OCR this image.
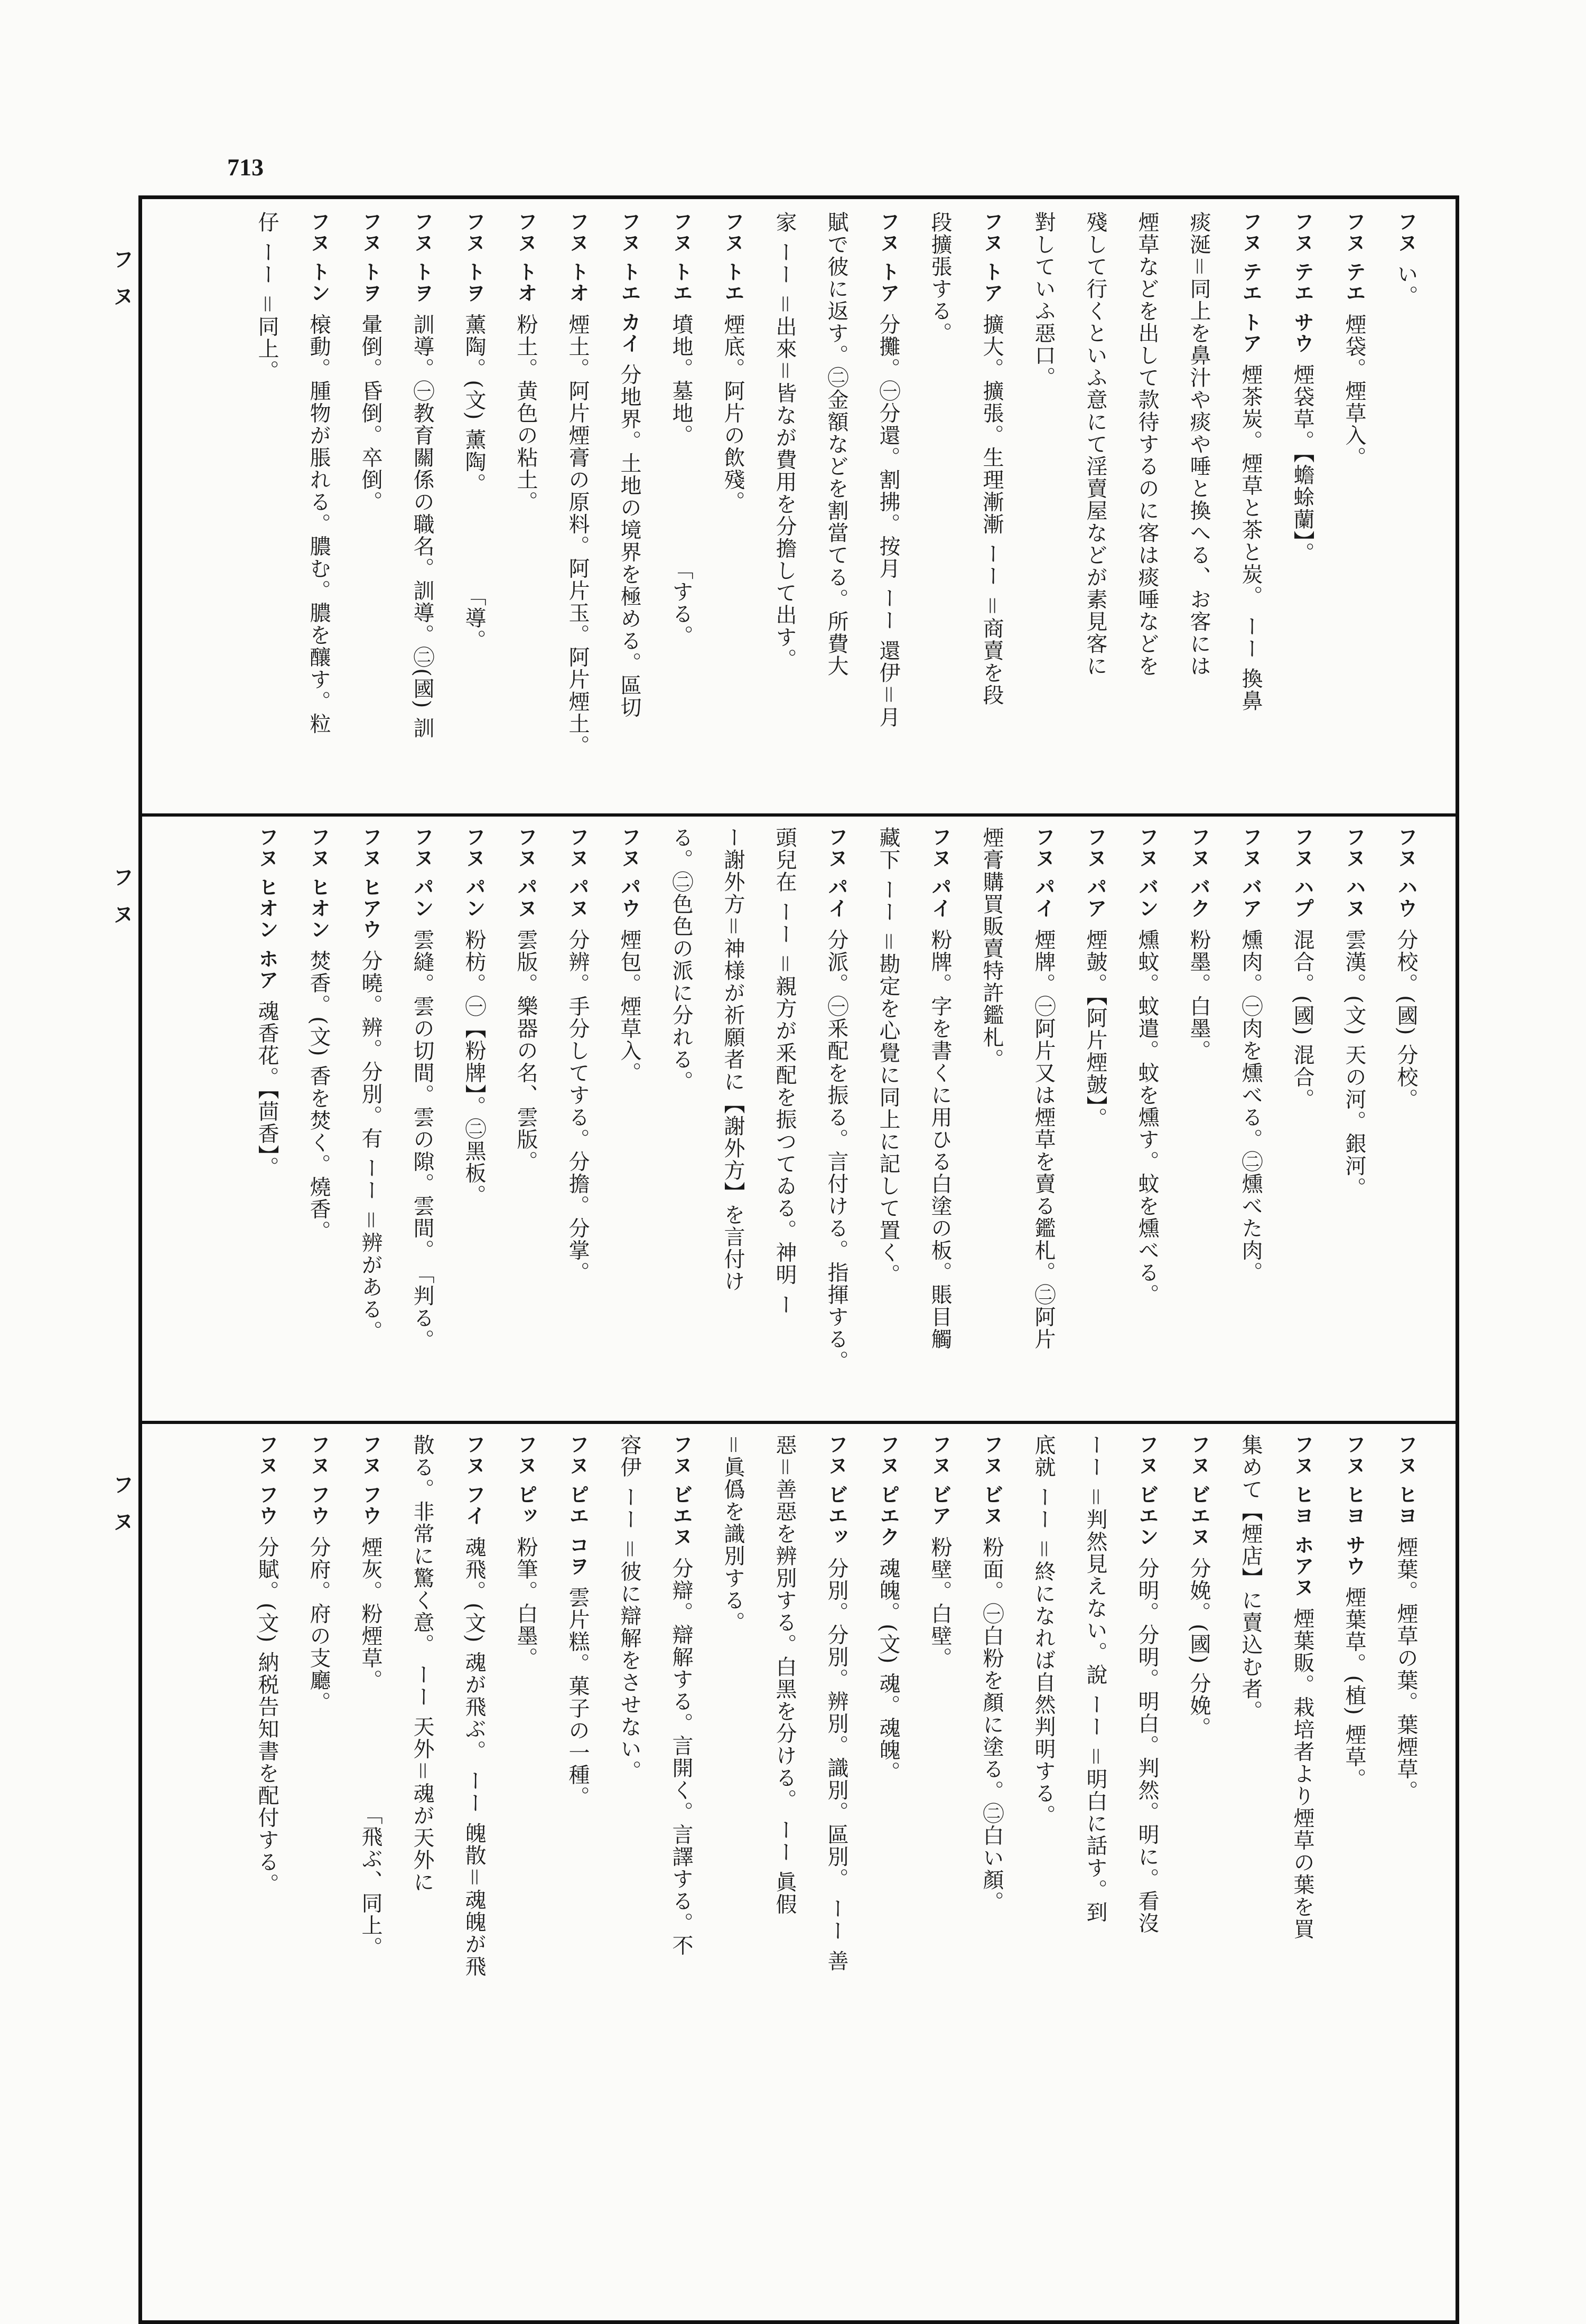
713
フヌ
フヌ
フヌ
フヌい。
フヌ テエ煙袋。煙草入。
フヌ テエ サウ煙袋草。【蟾蜍蘭】。
フヌ テエ トア煙茶炭。煙草と茶と炭。 ーー 換鼻
痰涎＝同上を鼻汁や痰や唾と換へる、お客には
煙草などを出して款待するのに客は痰唾などを
殘して行くといふ意にて淫賣屋などが素見客に
對していふ惡口。
フヌ トア擴大。擴張。生理漸漸 ーー ＝商賣を段
段擴張する。
フヌ トア分攤。㊀分還。割拂。按月 ーー 還伊＝月
賦で彼に返す。㊁金額などを割當てる。所費大
家 ーー ＝出來＝皆なが費用を分擔して出す。
フヌ トエ煙底。阿片の飲殘。
フヌ トエ墳地。墓地。　　　　　　「する。
フヌ トエ カイ分地界。土地の境界を極める。區切
フヌ トオ煙土。阿片煙膏の原料。阿片玉。阿片煙土。
フヌ トオ粉土。黄色の粘土。
フヌ トヲ薰陶。(文) 薰陶。　　　　　「導。
フヌ トヲ訓導。㊀教育關係の職名。訓導。㊁(國) 訓
フヌ トヲ暈倒。昏倒。卒倒。
フヌ トン榱動。腫物が脹れる。膿む。膿を釀す。粒
仔 ーー ＝同上。
フヌ ハウ分校。(國) 分校。
フヌ ハヌ雲漢。(文) 天の河。銀河。
フヌ ハプ混合。(國) 混合。
フヌ バア燻肉。㊀肉を燻べる。㊁燻べた肉。
フヌ バク粉墨。白墨。
フヌ バン燻蚊。蚊遣。蚊を燻す。蚊を燻べる。
フヌ パア煙皷。【阿片煙皷】。
フヌ パイ煙牌。㊀阿片又は煙草を賣る鑑札。㊁阿片
煙膏購買販賣特許鑑札。
フヌ パイ粉牌。字を書くに用ひる白塗の板。賬目觸
藏下 ーー ＝勘定を心覺に同上に記して置く。
フヌ パイ分派。㊀釆配を振る。言付ける。指揮する。
頭兒在 ーー ＝親方が釆配を振つてゐる。神明 ー
ー謝外方＝神様が祈願者に【謝外方】を言付け
る。㊁色色の派に分れる。
フヌ パウ煙包。煙草入。
フヌ パヌ分辨。手分してする。分擔。分掌。
フヌ パヌ雲版。樂器の名、雲版。
フヌ パン粉枋。㊀【粉牌】。㊁黑板。
フヌ パン雲縫。雲の切間。雲の隙。雲間。　「判る。
フヌ ヒアウ分曉。辨。分別。有 ーー ＝辨がある。
フヌ ヒオン焚香。(文) 香を焚く。燒香。
フヌ ヒオン ホア魂香花。【茴香】。
フヌ ヒヨ煙葉。煙草の葉。葉煙草。
フヌ ヒヨ サウ煙葉草。(植) 煙草。
フヌ ヒヨ ホアヌ煙葉販。栽培者より煙草の葉を買
集めて【煙店】に賣込む者。
フヌ ビエヌ分娩。(國) 分娩。
フヌ ビエン分明。分明。明白。判然。明に。看沒
ーー ＝判然見えない。說 ーー ＝明白に話す。到
底就 ーー ＝終になれば自然判明する。
フヌ ビヌ粉面。㊀白粉を顏に塗る。㊁白い顏。
フヌ ビア粉壁。白壁。
フヌ ピエク魂魄。(文) 魂。魂魄。
フヌ ビエッ分別。分別。辨別。識別。區別。 ーー 善
惡＝善惡を辨別する。白黑を分ける。 ーー 眞假
＝眞僞を識別する。
フヌ ビエヌ分辯。辯解する。言開く。言譯する。不
容伊 ーー ＝彼に辯解をさせない。
フヌ ピエ コヲ雲片糕。菓子の一種。
フヌ ピッ粉筆。白墨。
フヌ フイ魂飛。(文) 魂が飛ぶ。 ーー 魄散＝魂魄が飛
散る。非常に驚く意。 ーー 天外＝魂が天外に
フヌ フウ煙灰。粉煙草。　　　　　　「飛ぶ、同上。
フヌ フウ分府。府の支廳。
フヌ フウ分賦。(文) 納税告知書を配付する。
